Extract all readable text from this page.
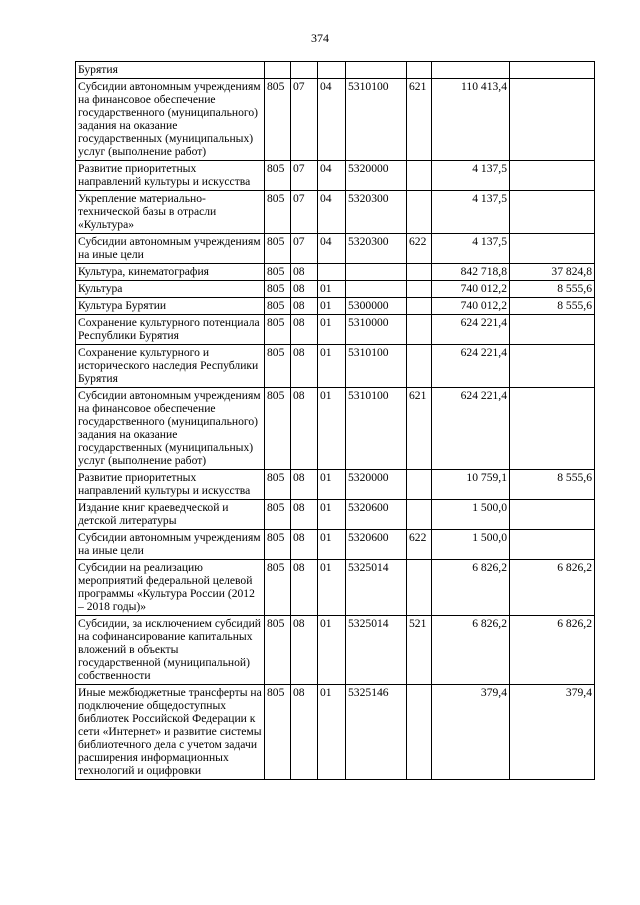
374
Бурятия							
Субсидии автономным учреждениям на финансовое обеспечение государственного (муниципального) задания на оказание государственных (муниципальных) услуг (выполнение работ)	805	07	04	5310100	621	110 413,4	
Развитие приоритетных направлений культуры и искусства	805	07	04	5320000		4 137,5	
Укрепление материально-технической базы в отрасли «Культура»	805	07	04	5320300		4 137,5	
Субсидии автономным учреждениям на иные цели	805	07	04	5320300	622	4 137,5	
Культура, кинематография	805	08				842 718,8	37 824,8
Культура	805	08	01			740 012,2	8 555,6
Культура Бурятии	805	08	01	5300000		740 012,2	8 555,6
Сохранение культурного потенциала Республики Бурятия	805	08	01	5310000		624 221,4	
Сохранение культурного и исторического наследия Республики Бурятия	805	08	01	5310100		624 221,4	
Субсидии автономным учреждениям на финансовое обеспечение государственного (муниципального) задания на оказание государственных (муниципальных) услуг (выполнение работ)	805	08	01	5310100	621	624 221,4	
Развитие приоритетных направлений культуры и искусства	805	08	01	5320000		10 759,1	8 555,6
Издание книг краеведческой и детской литературы	805	08	01	5320600		1 500,0	
Субсидии автономным учреждениям на иные цели	805	08	01	5320600	622	1 500,0	
Субсидии на реализацию мероприятий федеральной целевой программы «Культура России (2012 – 2018 годы)»	805	08	01	5325014		6 826,2	6 826,2
Субсидии, за исключением субсидий на софинансирование капитальных вложений в объекты государственной (муниципальной) собственности	805	08	01	5325014	521	6 826,2	6 826,2
Иные межбюджетные трансферты на подключение общедоступных библиотек Российской Федерации к сети «Интернет» и развитие системы библиотечного дела с учетом задачи расширения информационных технологий и оцифровки	805	08	01	5325146		379,4	379,4
